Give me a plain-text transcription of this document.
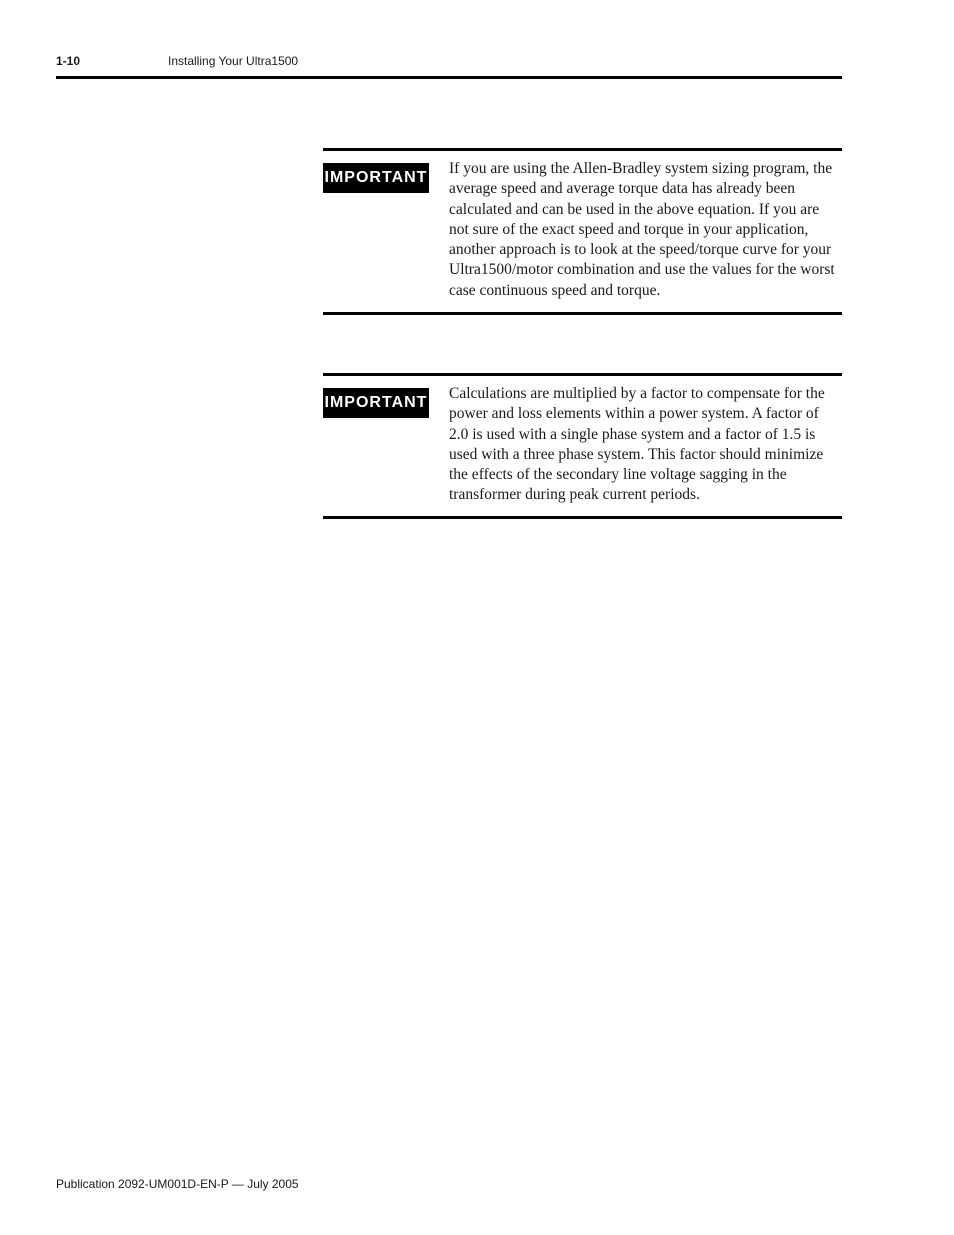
1-10	Installing Your Ultra1500
IMPORTANT

If you are using the Allen-Bradley system sizing program, the average speed and average torque data has already been calculated and can be used in the above equation. If you are not sure of the exact speed and torque in your application, another approach is to look at the speed/torque curve for your Ultra1500/motor combination and use the values for the worst case continuous speed and torque.

IMPORTANT

Calculations are multiplied by a factor to compensate for the power and loss elements within a power system. A factor of 2.0 is used with a single phase system and a factor of 1.5 is used with a three phase system. This factor should minimize the effects of the secondary line voltage sagging in the transformer during peak current periods.

Publication 2092-UM001D-EN-P — July 2005
